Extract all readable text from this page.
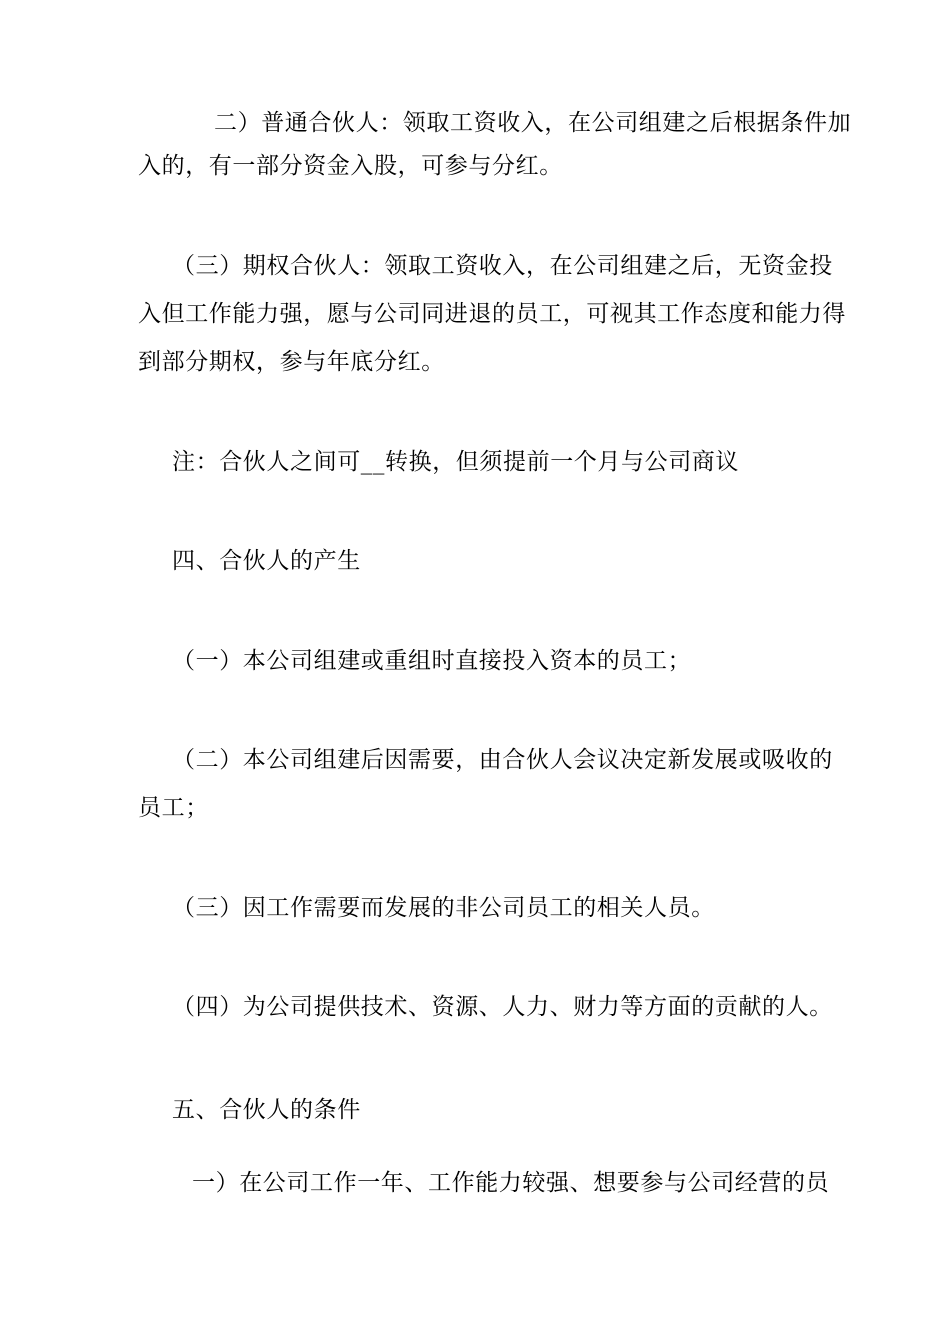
二）普通合伙人：领取工资收入，在公司组建之后根据条件加
入的，有一部分资金入股，可参与分红。
（三）期权合伙人：领取工资收入，在公司组建之后，无资金投
入但工作能力强，愿与公司同进退的员工，可视其工作态度和能力得
到部分期权，参与年底分红。
注：合伙人之间可__转换，但须提前一个月与公司商议
四、合伙人的产生
（一）本公司组建或重组时直接投入资本的员工；
（二）本公司组建后因需要，由合伙人会议决定新发展或吸收的
员工；
（三）因工作需要而发展的非公司员工的相关人员。
（四）为公司提供技术、资源、人力、财力等方面的贡献的人。
五、合伙人的条件
一）在公司工作一年、工作能力较强、想要参与公司经营的员
